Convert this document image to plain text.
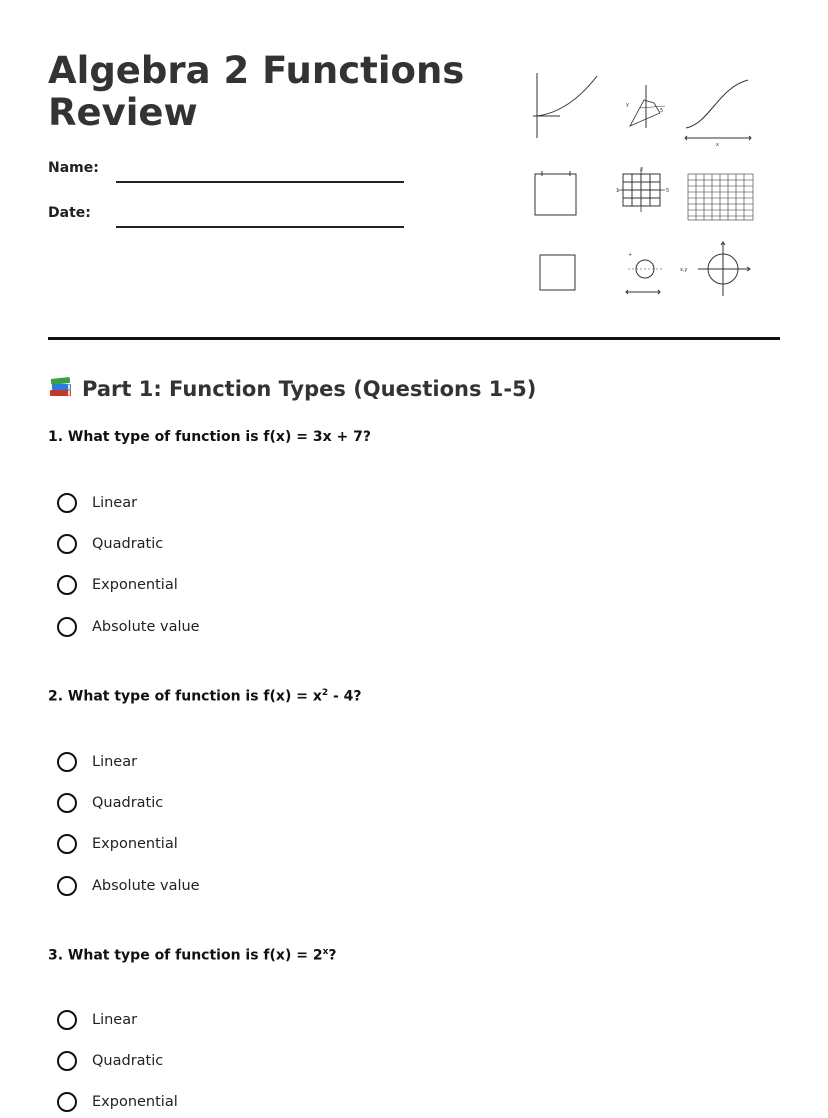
Algebra 2 Functions Review
Name:
Date:
y
5
x
2
5
1
+
x,y
Part 1: Function Types (Questions 1-5)

1. What type of function is f(x) = 3x + 7?

Linear
Quadratic
Exponential
Absolute value

2. What type of function is $f(x) = x^2 - 4$?

Linear
Quadratic
Exponential
Absolute value

3. What type of function is $f(x) = 2^x$?

Linear
Quadratic
Exponential
